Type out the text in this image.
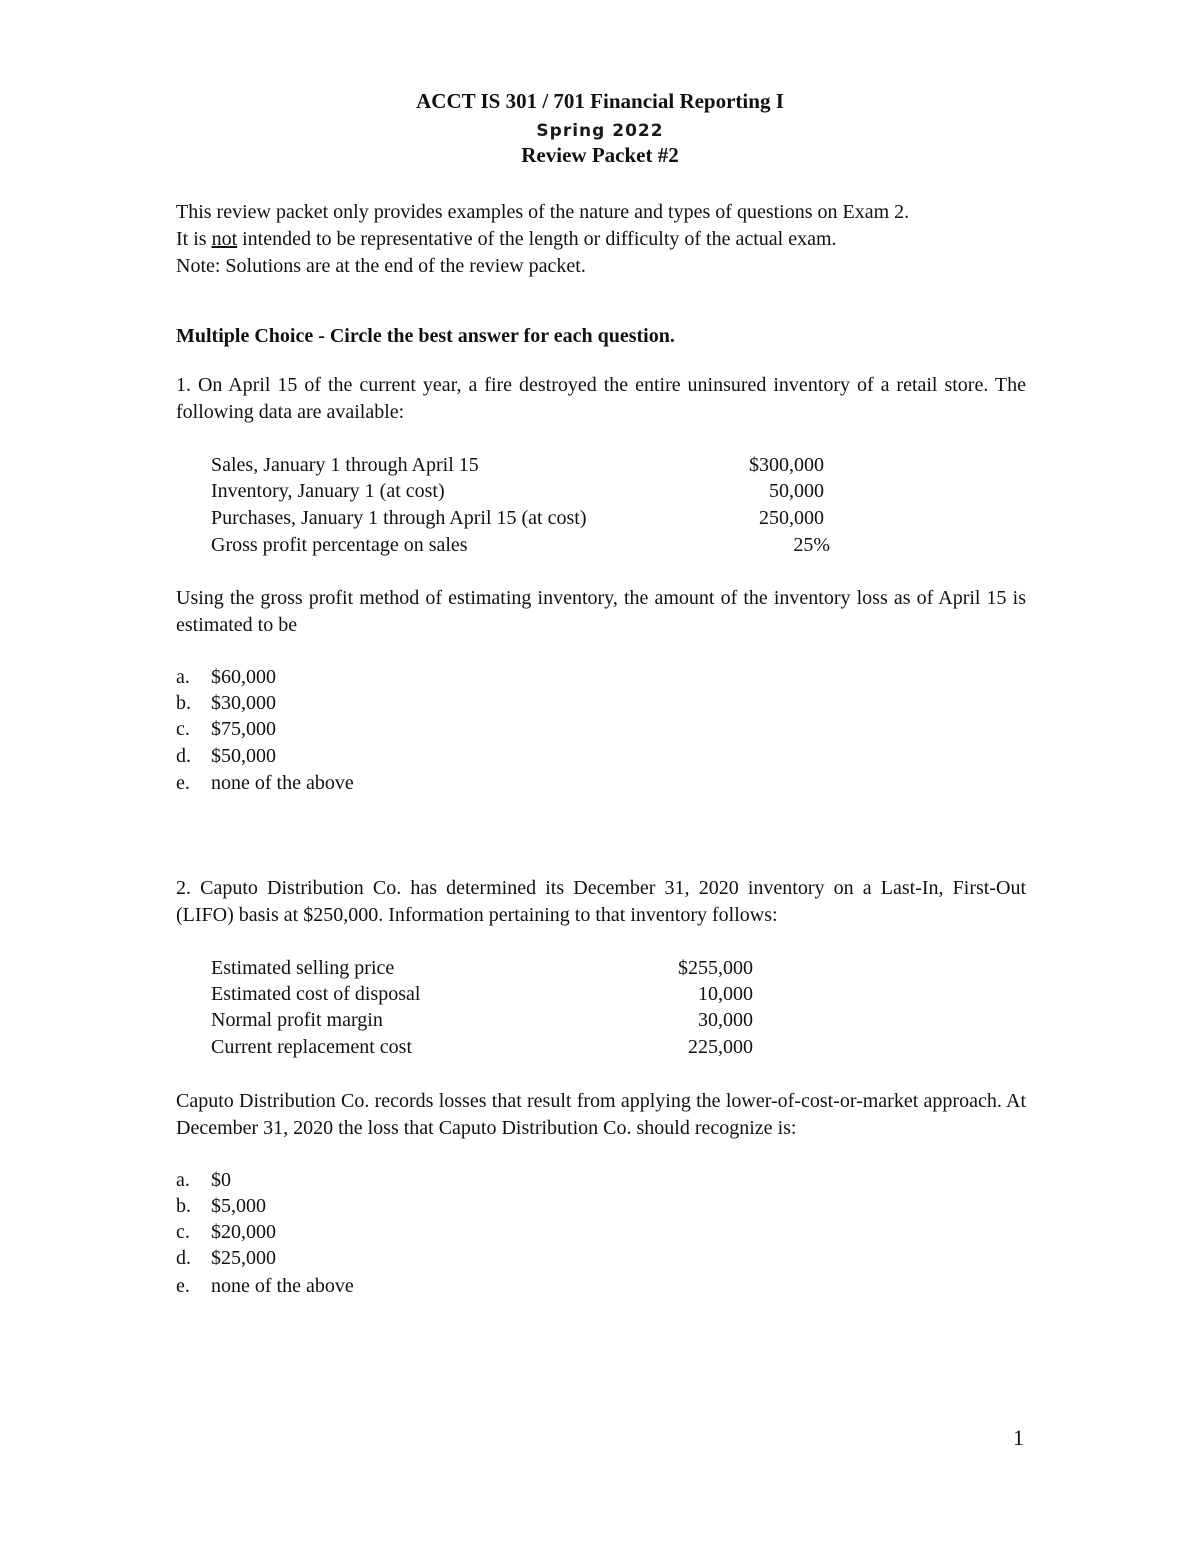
ACCT IS 301 / 701 Financial Reporting I
Spring 2022
Review Packet #2
This review packet only provides examples of the nature and types of questions on Exam 2.
It is not intended to be representative of the length or difficulty of the actual exam.
Note: Solutions are at the end of the review packet.
Multiple Choice - Circle the best answer for each question.
1. On April 15 of the current year, a fire destroyed the entire uninsured inventory of a retail store. The following data are available:
Sales, January 1 through April 15	$300,000
Inventory, January 1 (at cost)	50,000
Purchases, January 1 through April 15 (at cost)	250,000
Gross profit percentage on sales	25%
Using the gross profit method of estimating inventory, the amount of the inventory loss as of April 15 is estimated to be
a. $60,000
b. $30,000
c. $75,000
d. $50,000
e. none of the above
2. Caputo Distribution Co. has determined its December 31, 2020 inventory on a Last-In, First-Out (LIFO) basis at $250,000. Information pertaining to that inventory follows:
Estimated selling price	$255,000
Estimated cost of disposal	10,000
Normal profit margin	30,000
Current replacement cost	225,000
Caputo Distribution Co. records losses that result from applying the lower-of-cost-or-market approach. At December 31, 2020 the loss that Caputo Distribution Co. should recognize is:
a. $0
b. $5,000
c. $20,000
d. $25,000
e. none of the above
1
